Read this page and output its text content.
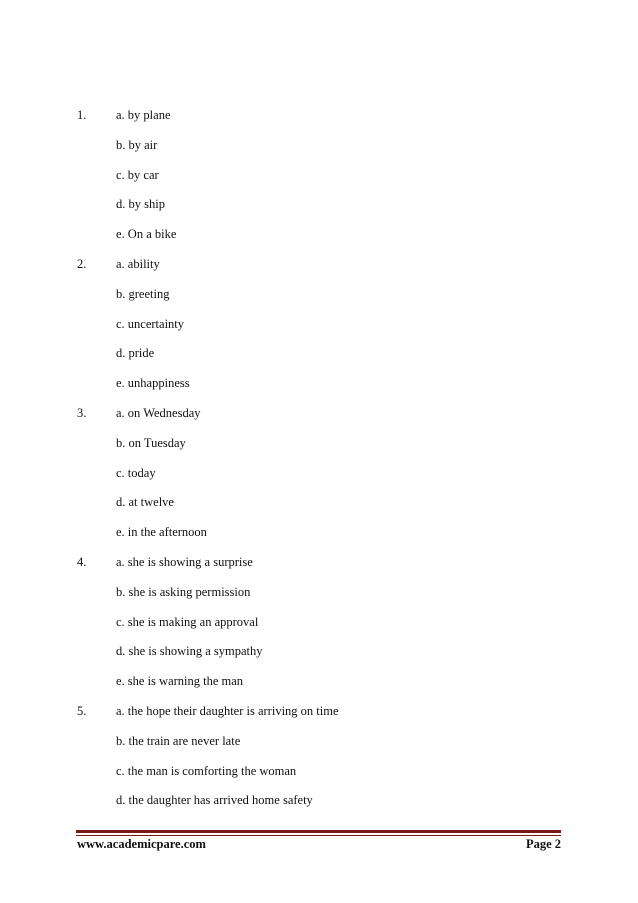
1. a. by plane
b. by air
c. by car
d. by ship
e. On a bike
2. a. ability
b. greeting
c. uncertainty
d. pride
e. unhappiness
3. a. on Wednesday
b. on Tuesday
c. today
d. at twelve
e. in the afternoon
4. a. she is showing a surprise
b. she is asking permission
c. she is making an approval
d. she is showing a sympathy
e. she is warning the man
5. a. the hope their daughter is arriving on time
b. the train are never late
c. the man is comforting the woman
d. the daughter has arrived home safety
www.academicpare.com	Page 2
